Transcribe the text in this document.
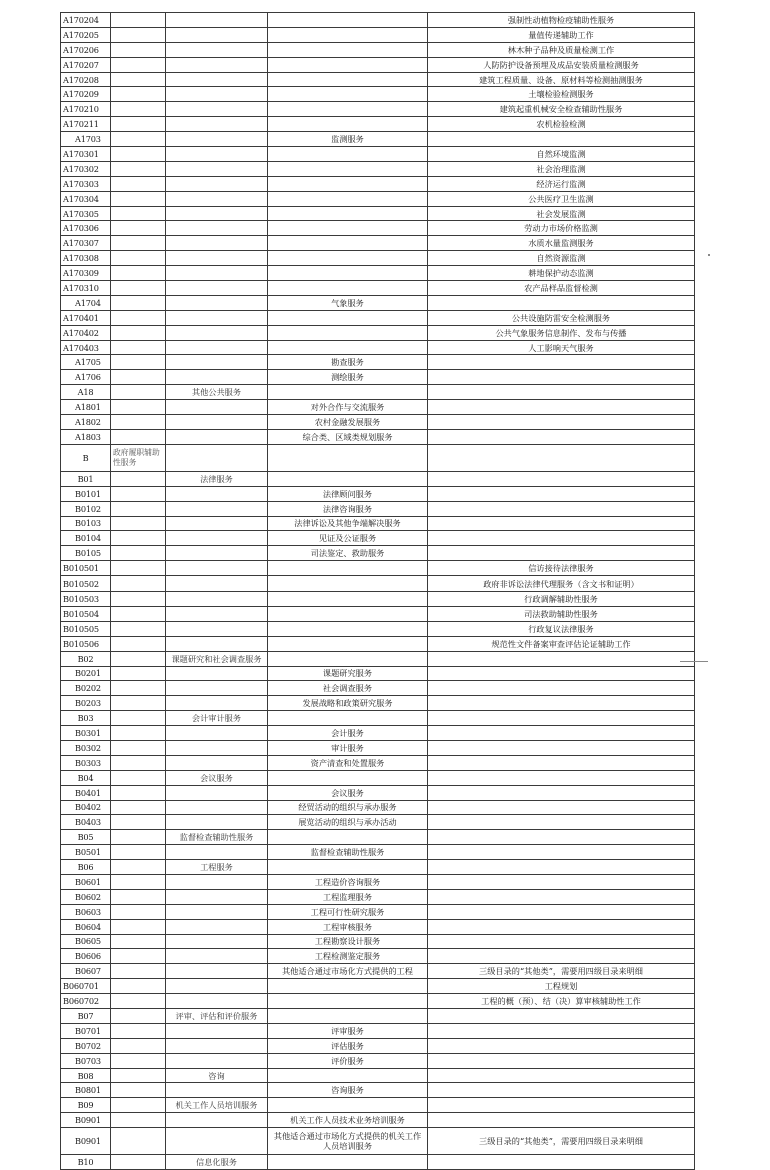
A170204				强制性动植物检疫辅助性服务
A170205				量值传递辅助工作
A170206				林木种子品种及质量检测工作
A170207				人防防护设备预埋及成品安装质量检测服务
A170208				建筑工程质量、设备、原材料等检测抽测服务
A170209				土壤检验检测服务
A170210				建筑起重机械安全检查辅助性服务
A170211				农机检验检测
A1703			监测服务	
A170301				自然环境监测
A170302				社会治理监测
A170303				经济运行监测
A170304				公共医疗卫生监测
A170305				社会发展监测
A170306				劳动力市场价格监测
A170307				水质水量监测服务
A170308				自然资源监测
A170309				耕地保护动态监测
A170310				农产品样品监督检测
A1704			气象服务	
A170401				公共设施防雷安全检测服务
A170402				公共气象服务信息制作、发布与传播
A170403				人工影响天气服务
A1705			勘查服务	
A1706			测绘服务	
A18		其他公共服务		
A1801			对外合作与交流服务	
A1802			农村金融发展服务	
A1803			综合类、区域类规划服务	
B	政府履职辅助性服务			
B01		法律服务		
B0101			法律顾问服务	
B0102			法律咨询服务	
B0103			法律诉讼及其他争端解决服务	
B0104			见证及公证服务	
B0105			司法鉴定、救助服务	
B010501				信访接待法律服务
B010502				政府非诉讼法律代理服务（含文书和证明）
B010503				行政调解辅助性服务
B010504				司法救助辅助性服务
B010505				行政复议法律服务
B010506				规范性文件备案审查评估论证辅助工作
B02		课题研究和社会调查服务		
B0201			课题研究服务	
B0202			社会调查服务	
B0203			发展战略和政策研究服务	
B03		会计审计服务		
B0301			会计服务	
B0302			审计服务	
B0303			资产清查和处置服务	
B04		会议服务		
B0401			会议服务	
B0402			经贸活动的组织与承办服务	
B0403			展览活动的组织与承办活动	
B05		监督检查辅助性服务		
B0501			监督检查辅助性服务	
B06		工程服务		
B0601			工程造价咨询服务	
B0602			工程监理服务	
B0603			工程可行性研究服务	
B0604			工程审核服务	
B0605			工程勘察设计服务	
B0606			工程检测鉴定服务	
B0607			其他适合通过市场化方式提供的工程	三级目录的“其他类”，需要用四级目录来明细
B060701				工程规划
B060702				工程的概（预）、结（决）算审核辅助性工作
B07		评审、评估和评价服务		
B0701			评审服务	
B0702			评估服务	
B0703			评价服务	
B08		咨询		
B0801			咨询服务	
B09		机关工作人员培训服务		
B0901			机关工作人员技术业务培训服务	
B0901			其他适合通过市场化方式提供的机关工作人员培训服务	三级目录的“其他类”，需要用四级目录来明细
B10		信息化服务		
